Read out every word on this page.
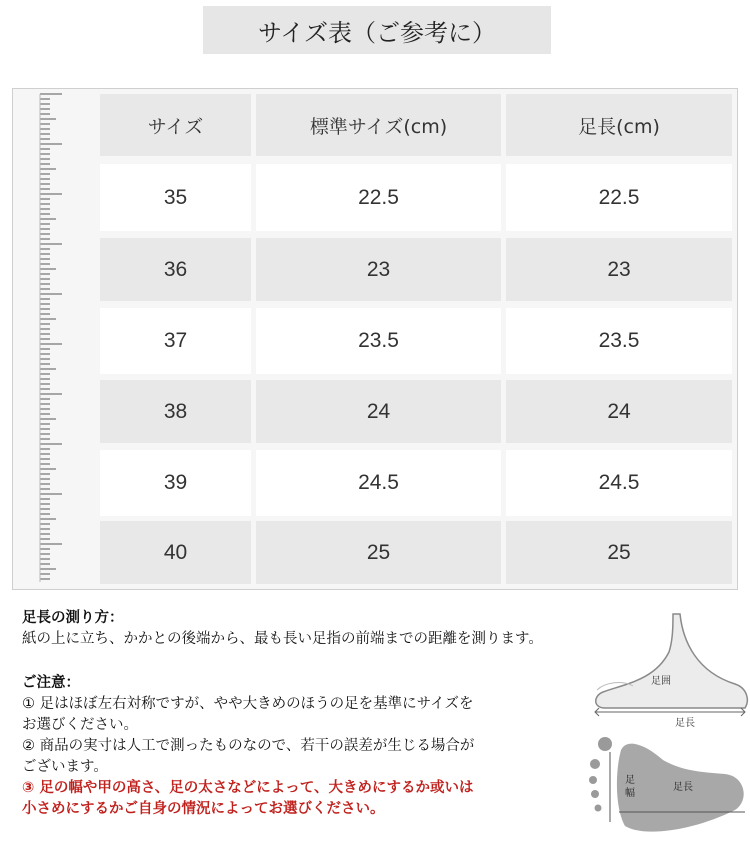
サイズ表（ご参考に）
サイズ	標準サイズ(cm)	足長(cm)
35	22.5	22.5
36	23	23
37	23.5	23.5
38	24	24
39	24.5	24.5
40	25	25

足長の測り方：

紙の上に立ち、かかとの後端から、最も長い足指の前端までの距離を測ります。

ご注意：

① 足はほぼ左右対称ですが、やや大きめのほうの足を基準にサイズを

お選びください。

② 商品の実寸は人工で測ったものなので、若干の誤差が生じる場合が

ございます。

③ 足の幅や甲の高さ、足の太さなどによって、大きめにするか或いは

小さめにするかご自身の情況によってお選びください。

足囲
足長
足
幅
足長
